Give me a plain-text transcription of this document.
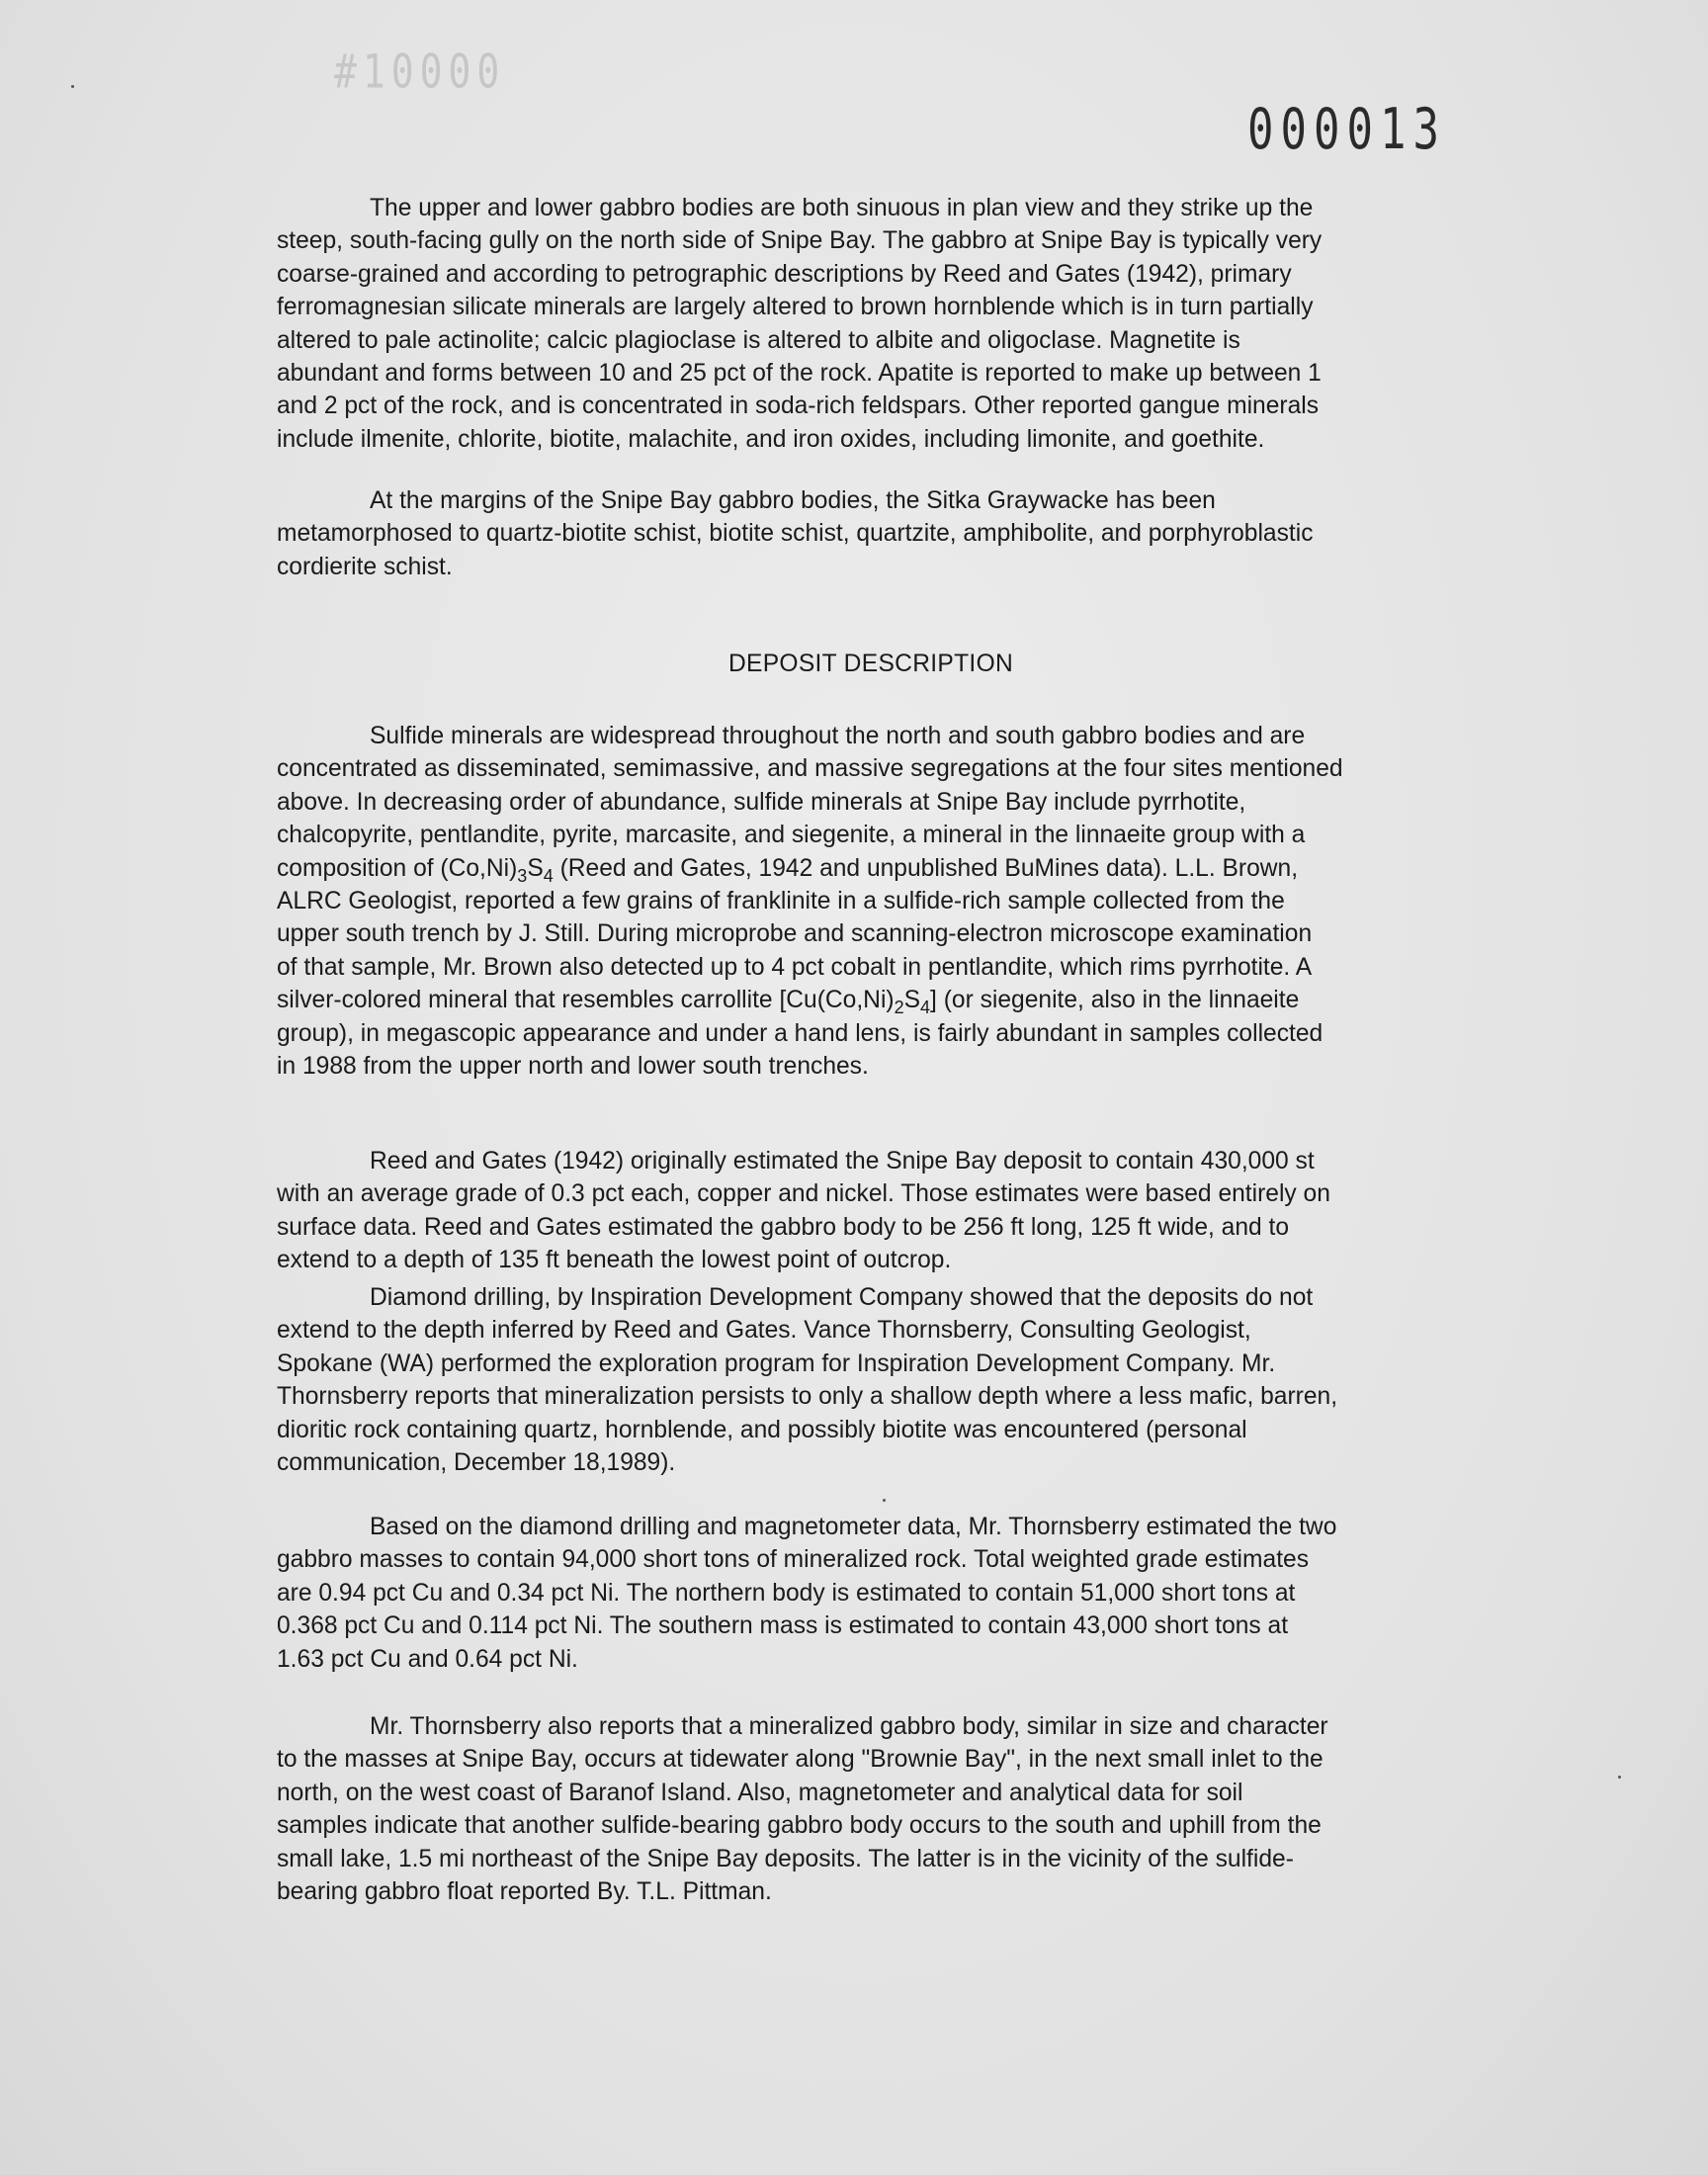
#10000
000013
The upper and lower gabbro bodies are both sinuous in plan view and they strike up the
steep, south-facing gully on the north side of Snipe Bay. The gabbro at Snipe Bay is typically very
coarse-grained and according to petrographic descriptions by Reed and Gates (1942), primary
ferromagnesian silicate minerals are largely altered to brown hornblende which is in turn partially
altered to pale actinolite; calcic plagioclase is altered to albite and oligoclase. Magnetite is
abundant and forms between 10 and 25 pct of the rock. Apatite is reported to make up between 1
and 2 pct of the rock, and is concentrated in soda-rich feldspars. Other reported gangue minerals
include ilmenite, chlorite, biotite, malachite, and iron oxides, including limonite, and goethite.
At the margins of the Snipe Bay gabbro bodies, the Sitka Graywacke has been
metamorphosed to quartz-biotite schist, biotite schist, quartzite, amphibolite, and porphyroblastic
cordierite schist.
DEPOSIT DESCRIPTION
Sulfide minerals are widespread throughout the north and south gabbro bodies and are
concentrated as disseminated, semimassive, and massive segregations at the four sites mentioned
above. In decreasing order of abundance, sulfide minerals at Snipe Bay include pyrrhotite,
chalcopyrite, pentlandite, pyrite, marcasite, and siegenite, a mineral in the linnaeite group with a
composition of $(Co,Ni)_3S_4$ (Reed and Gates, 1942 and unpublished BuMines data). L.L. Brown,
ALRC Geologist, reported a few grains of franklinite in a sulfide-rich sample collected from the
upper south trench by J. Still. During microprobe and scanning-electron microscope examination
of that sample, Mr. Brown also detected up to 4 pct cobalt in pentlandite, which rims pyrrhotite. A
silver-colored mineral that resembles carrollite $[Cu(Co,Ni)_2S_4]$ (or siegenite, also in the linnaeite
group), in megascopic appearance and under a hand lens, is fairly abundant in samples collected
in 1988 from the upper north and lower south trenches.
Reed and Gates (1942) originally estimated the Snipe Bay deposit to contain 430,000 st
with an average grade of 0.3 pct each, copper and nickel. Those estimates were based entirely on
surface data. Reed and Gates estimated the gabbro body to be 256 ft long, 125 ft wide, and to
extend to a depth of 135 ft beneath the lowest point of outcrop.
Diamond drilling, by Inspiration Development Company showed that the deposits do not
extend to the depth inferred by Reed and Gates. Vance Thornsberry, Consulting Geologist,
Spokane (WA) performed the exploration program for Inspiration Development Company. Mr.
Thornsberry reports that mineralization persists to only a shallow depth where a less mafic, barren,
dioritic rock containing quartz, hornblende, and possibly biotite was encountered (personal
communication, December 18,1989).
Based on the diamond drilling and magnetometer data, Mr. Thornsberry estimated the two
gabbro masses to contain 94,000 short tons of mineralized rock. Total weighted grade estimates
are 0.94 pct Cu and 0.34 pct Ni. The northern body is estimated to contain 51,000 short tons at
0.368 pct Cu and 0.114 pct Ni. The southern mass is estimated to contain 43,000 short tons at
1.63 pct Cu and 0.64 pct Ni.
Mr. Thornsberry also reports that a mineralized gabbro body, similar in size and character
to the masses at Snipe Bay, occurs at tidewater along "Brownie Bay", in the next small inlet to the
north, on the west coast of Baranof Island. Also, magnetometer and analytical data for soil
samples indicate that another sulfide-bearing gabbro body occurs to the south and uphill from the
small lake, 1.5 mi northeast of the Snipe Bay deposits. The latter is in the vicinity of the sulfide-
bearing gabbro float reported By. T.L. Pittman.
